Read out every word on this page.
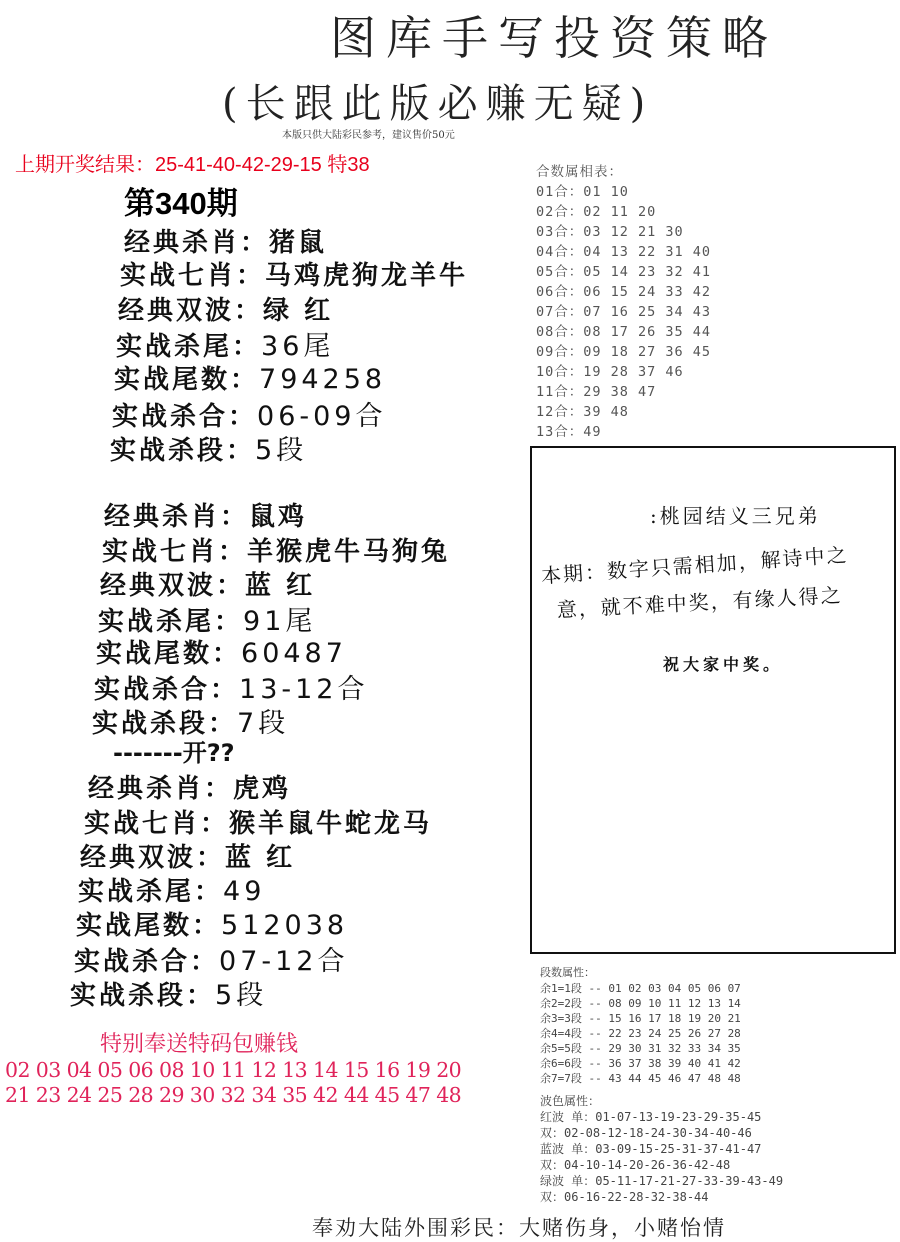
图库手写投资策略
(长跟此版必赚无疑)
本版只供大陆彩民参考，建议售价50元
上期开奖结果：25-41-40-42-29-15 特38
第340期
经典杀肖：猪鼠
实战七肖：马鸡虎狗龙羊牛
经典双波：绿 红
实战杀尾：36尾
实战尾数：794258
实战杀合：06-09合
实战杀段：5段
经典杀肖：鼠鸡
实战七肖：羊猴虎牛马狗兔
经典双波：蓝 红
实战杀尾：91尾
实战尾数：60487
实战杀合：13-12合
实战杀段：7段
-------开??
经典杀肖：虎鸡
实战七肖：猴羊鼠牛蛇龙马
经典双波：蓝 红
实战杀尾：49
实战尾数：512038
实战杀合：07-12合
实战杀段：5段
合数属相表：
01合：01 10
02合：02 11 20
03合：03 12 21 30
04合：04 13 22 31 40
05合：05 14 23 32 41
06合：06 15 24 33 42
07合：07 16 25 34 43
08合：08 17 26 35 44
09合：09 18 27 36 45
10合：19 28 37 46
11合：29 38 47
12合：39 48
13合：49
:桃园结义三兄弟
本期：数字只需相加，解诗中之
意，就不难中奖，有缘人得之
祝大家中奖。
特别奉送特码包赚钱
02 03 04 05 06 08 10 11 12 13 14 15 16 19 20
21 23 24 25 28 29 30 32 34 35 42 44 45 47 48
段数属性：
余1=1段 -- 01 02 03 04 05 06 07
余2=2段 -- 08 09 10 11 12 13 14
余3=3段 -- 15 16 17 18 19 20 21
余4=4段 -- 22 23 24 25 26 27 28
余5=5段 -- 29 30 31 32 33 34 35
余6=6段 -- 36 37 38 39 40 41 42
余7=7段 -- 43 44 45 46 47 48 48
波色属性：
红波 单：01-07-13-19-23-29-35-45
双：02-08-12-18-24-30-34-40-46
蓝波 单：03-09-15-25-31-37-41-47
双：04-10-14-20-26-36-42-48
绿波 单：05-11-17-21-27-33-39-43-49
双：06-16-22-28-32-38-44
奉劝大陆外围彩民：大赌伤身，小赌怡情
